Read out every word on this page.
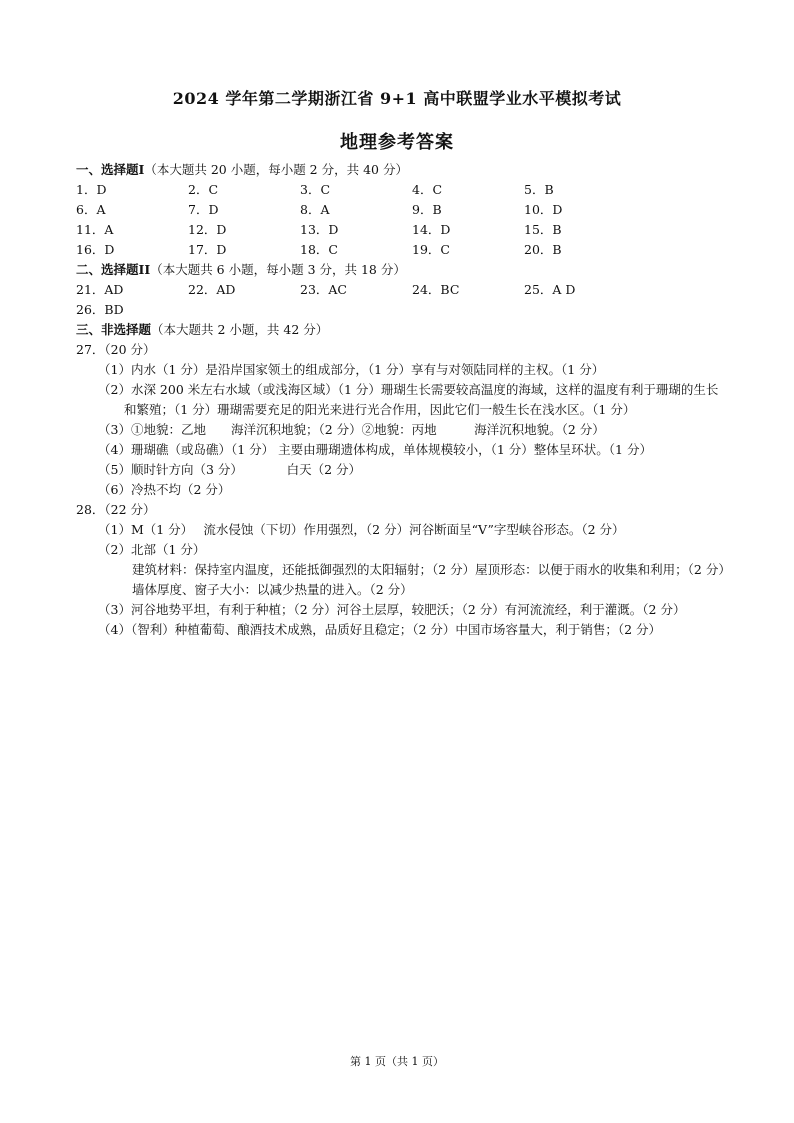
2024 学年第二学期浙江省 9+1 高中联盟学业水平模拟考试
地理参考答案
一、选择题I（本大题共 20 小题，每小题 2 分，共 40 分）
1．D	2．C	3．C	4．C	5．B
6．A	7．D	8．A	9．B	10．D
11．A	12．D	13．D	14．D	15．B
16．D	17．D	18．C	19．C	20．B
二、选择题II（本大题共 6 小题，每小题 3 分，共 18 分）
21．AD	22．AD	23．AC	24．BC	25．A D
26．BD
三、非选择题（本大题共 2 小题，共 42 分）
27．（20 分）
（1）内水（1 分）是沿岸国家领土的组成部分，（1 分）享有与对领陆同样的主权。（1 分）
（2）水深 200 米左右水域（或浅海区域）（1 分）珊瑚生长需要较高温度的海域，这样的温度有利于珊瑚的生长和繁殖；（1 分）珊瑚需要充足的阳光来进行光合作用，因此它们一般生长在浅水区。（1 分）
（3）①地貌：乙地　　海洋沉积地貌；（2 分）②地貌：丙地　　　海洋沉积地貌。（2 分）
（4）珊瑚礁（或岛礁）（1 分） 主要由珊瑚遗体构成，单体规模较小，（1 分）整体呈环状。（1 分）
（5）顺时针方向（3 分）　　　　白天（2 分）
（6）冷热不均（2 分）
28．（22 分）
（1）M（1 分）　 流水侵蚀（下切）作用强烈，（2 分）河谷断面呈“V”字型峡谷形态。（2 分）
（2）北部（1 分）
建筑材料：保持室内温度，还能抵御强烈的太阳辐射；（2 分）屋顶形态：以便于雨水的收集和利用；（2 分）墙体厚度、窗子大小：以减少热量的进入。（2 分）
（3）河谷地势平坦，有利于种植；（2 分）河谷土层厚，较肥沃；（2 分）有河流流经，利于灌溉。（2 分）
（4）（智利）种植葡萄、酿酒技术成熟，品质好且稳定；（2 分）中国市场容量大，利于销售；（2 分）
第 1 页（共 1 页）
